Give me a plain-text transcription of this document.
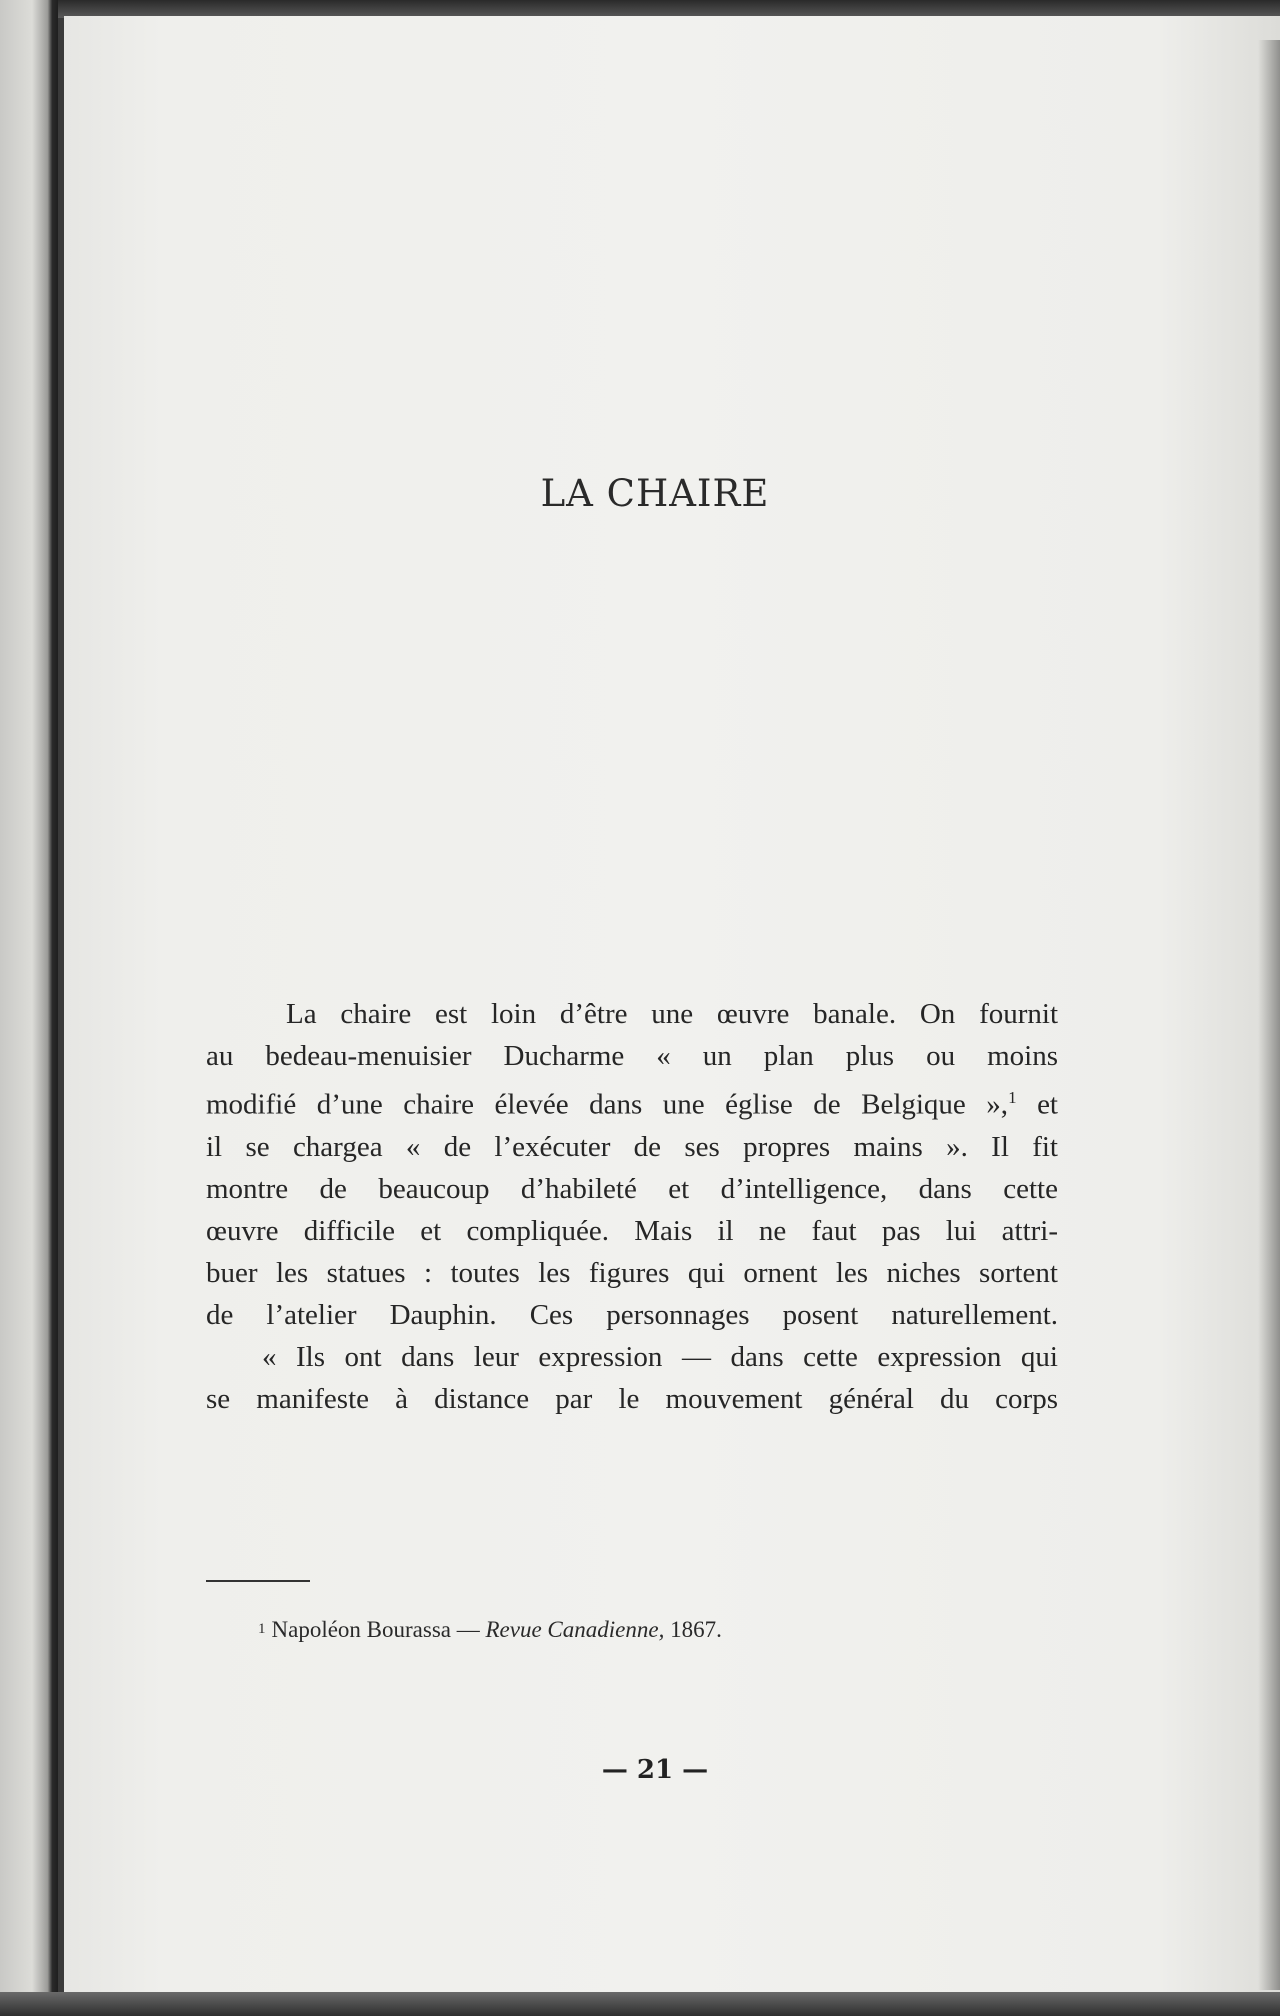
LA CHAIRE
La chaire est loin d’être une œuvre banale. On fournit
au bedeau-menuisier Ducharme « un plan plus ou moins
modifié d’une chaire élevée dans une église de Belgique »,$^1$ et
il se chargea « de l’exécuter de ses propres mains ». Il fit
montre de beaucoup d’habileté et d’intelligence, dans cette
œuvre difficile et compliquée. Mais il ne faut pas lui attri-
buer les statues : toutes les figures qui ornent les niches sortent
de l’atelier Dauphin. Ces personnages posent naturellement.
« Ils ont dans leur expression — dans cette expression qui
se manifeste à distance par le mouvement général du corps
1 Napoléon Bourassa — Revue Canadienne, 1867.
— 21 —
